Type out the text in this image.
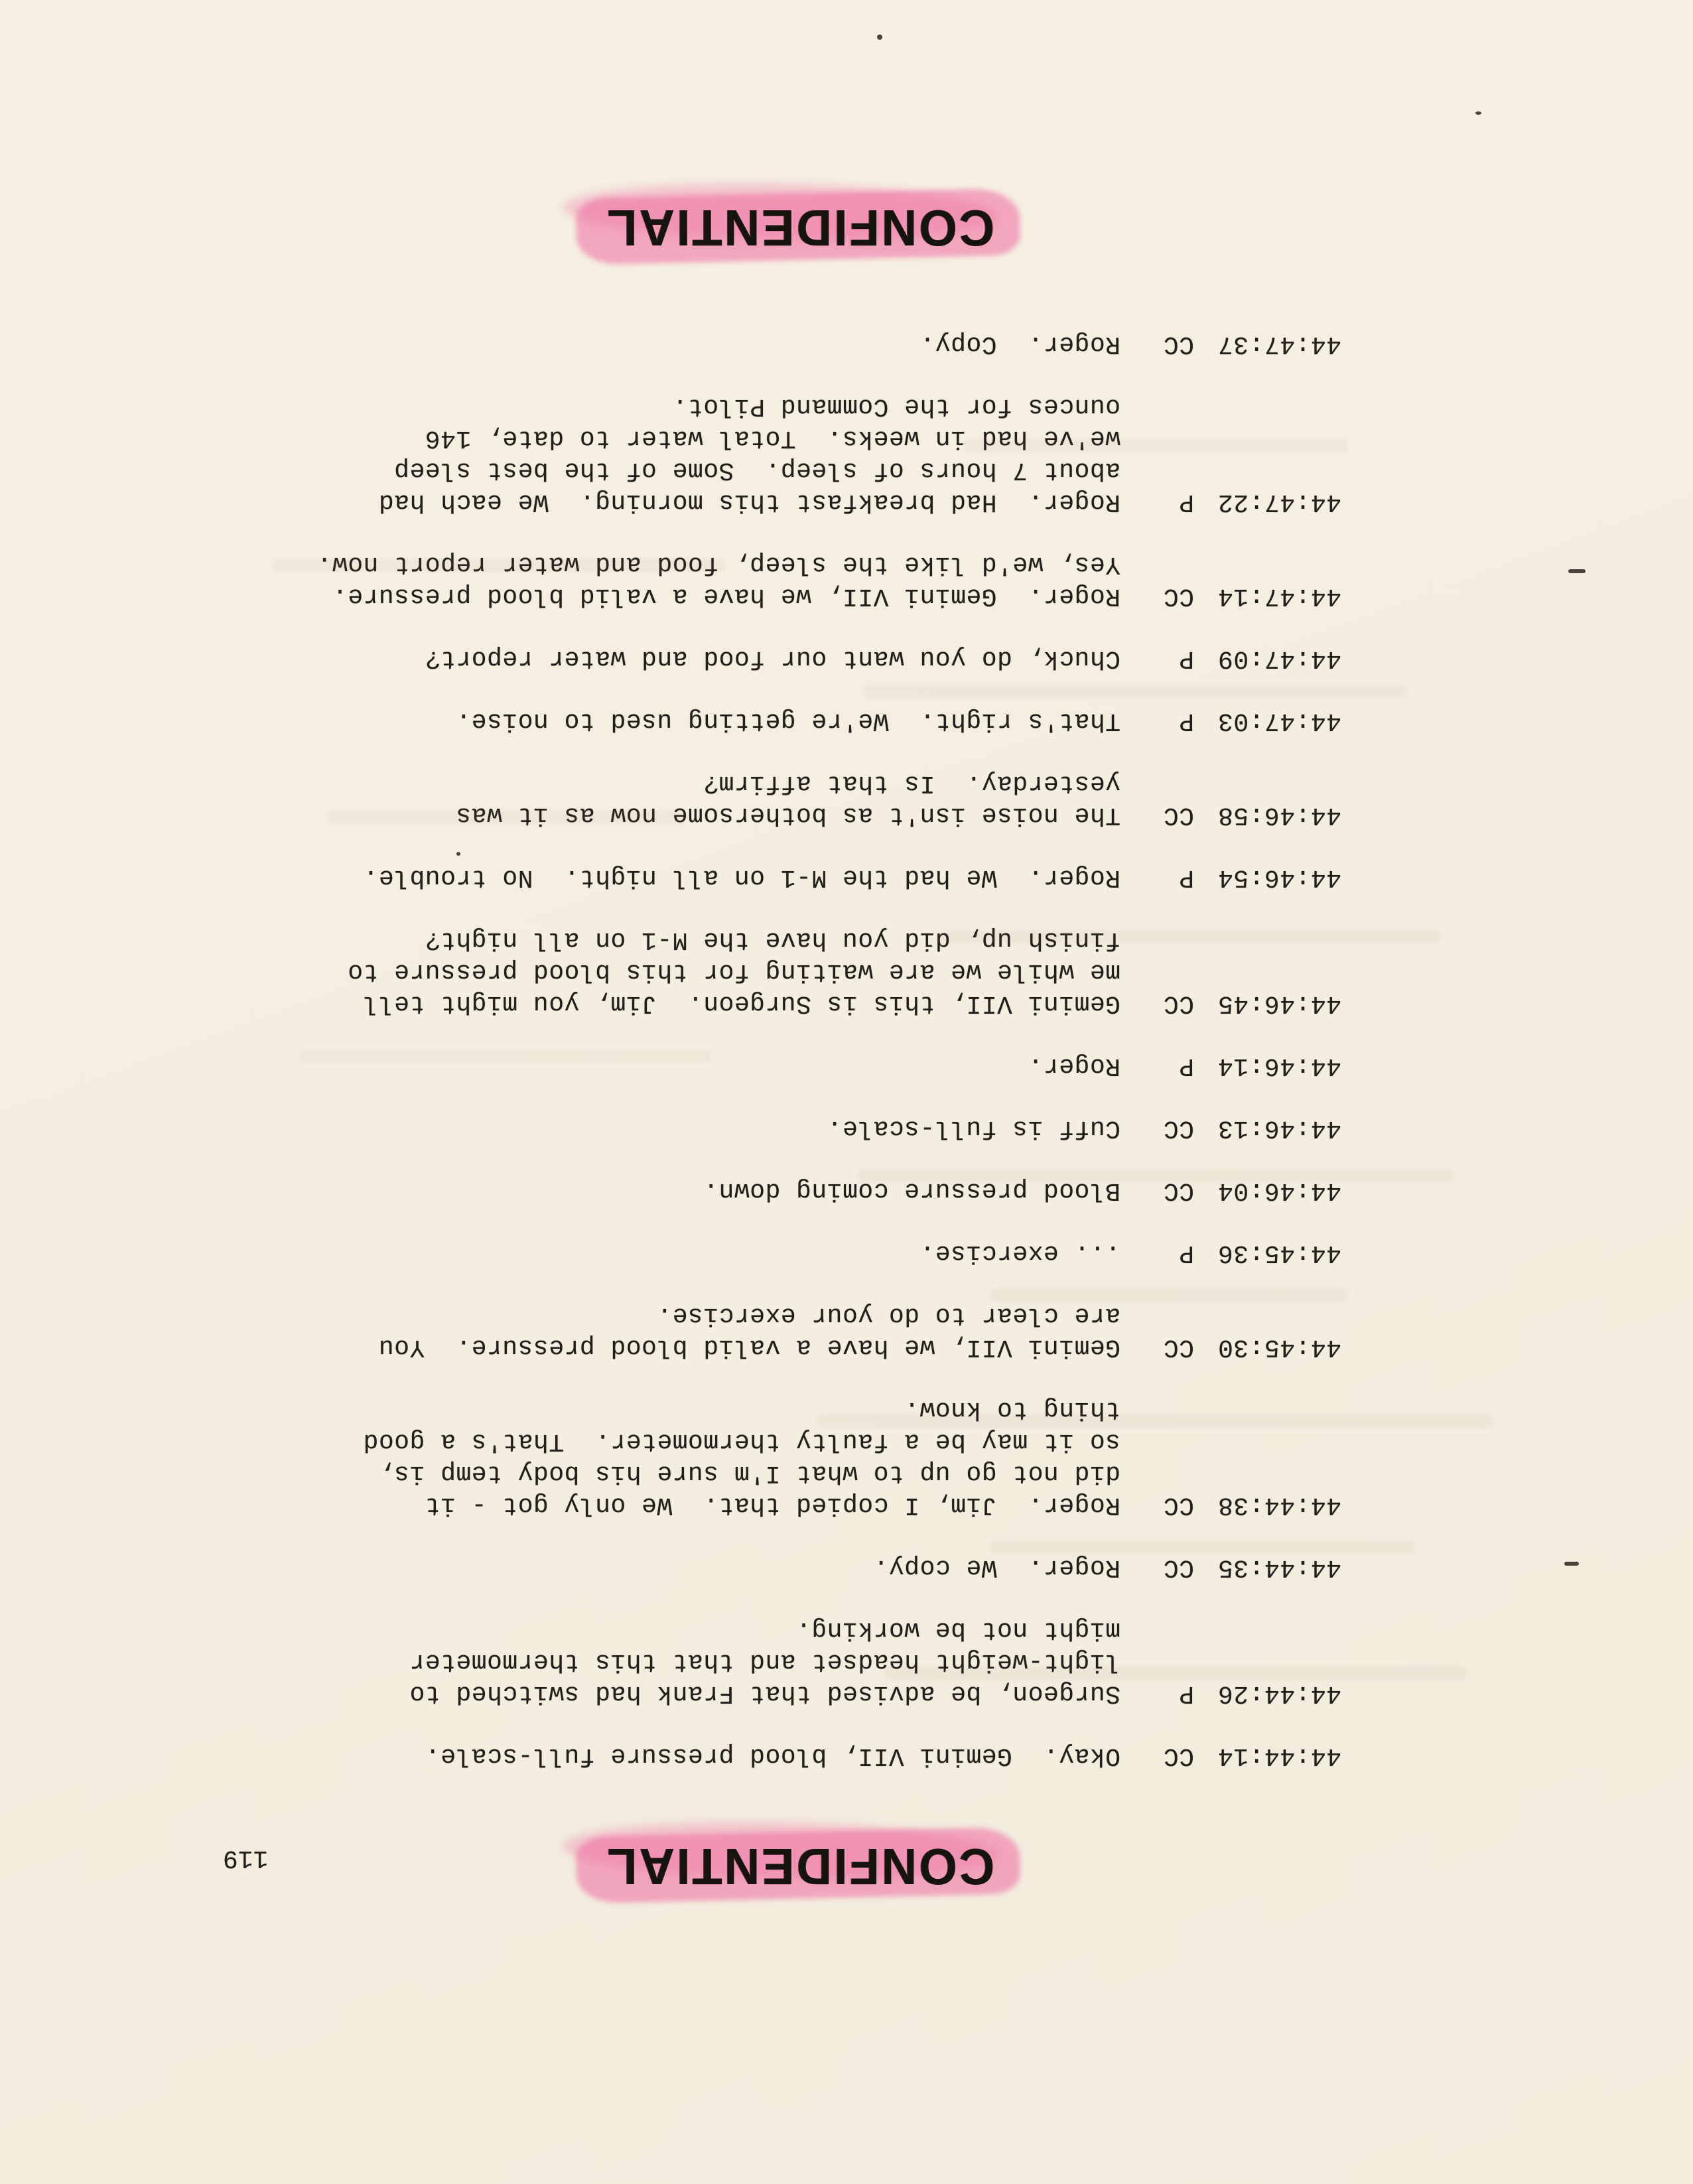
CONFIDENTIAL
119
44:44:14
CC
Okay.  Gemini VII, blood pressure full-scale.
44:44:26
P
Surgeon, be advised that Frank had switched to
light-weight headset and that this thermometer
might not be working.
44:44:35
CC
Roger.  We copy.
44:44:38
CC
Roger.  Jim, I copied that.  We only got - it
did not go up to what I'm sure his body temp is,
so it may be a faulty thermometer.  That's a good
thing to know.
44:45:30
CC
Gemini VII, we have a valid blood pressure.  You
are clear to do your exercise.
44:45:36
P
... exercise.
44:46:04
CC
Blood pressure coming down.
44:46:13
CC
Cuff is full-scale.
44:46:14
P
Roger.
44:46:45
CC
Gemini VII, this is Surgeon.  Jim, you might tell
me while we are waiting for this blood pressure to
finish up, did you have the M-1 on all night?
44:46:54
P
Roger.  We had the M-1 on all night.  No trouble.
44:46:58
CC
The noise isn't as bothersome now as it was
yesterday.  Is that affirm?
44:47:03
P
That's right.  We're getting used to noise.
44:47:09
P
Chuck, do you want our food and water report?
44:47:14
CC
Roger.  Gemini VII, we have a valid blood pressure.
Yes, we'd like the sleep, food and water report now.
44:47:22
P
Roger.  Had breakfast this morning.  We each had
about 7 hours of sleep.  Some of the best sleep
we've had in weeks.  Total water to date, 146
ounces for the Command Pilot.
44:47:37
CC
Roger.  Copy.
CONFIDENTIAL
